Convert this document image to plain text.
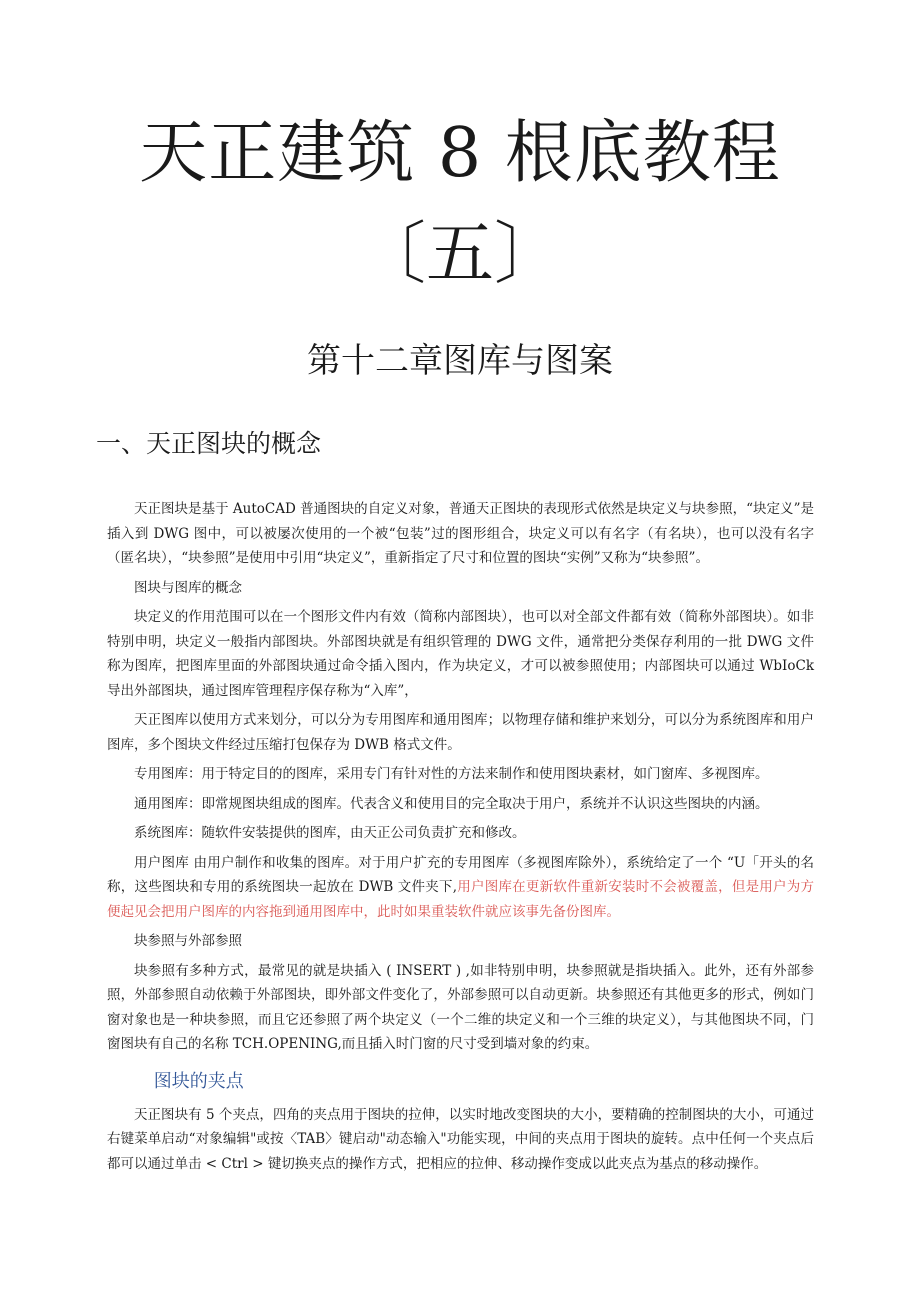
天正建筑 8 根底教程
〔五〕
第十二章图库与图案
一、天正图块的概念

天正图块是基于 AutoCAD 普通图块的自定义对象，普通天正图块的表现形式依然是块定义与块参照，“块定义”是插入到 DWG 图中，可以被屡次使用的一个被“包装”过的图形组合，块定义可以有名字（有名块），也可以没有名字（匿名块），“块参照”是使用中引用“块定义”，重新指定了尺寸和位置的图块“实例”又称为“块参照”。

图块与图库的概念

块定义的作用范围可以在一个图形文件内有效（简称内部图块），也可以对全部文件都有效（简称外部图块）。如非特别申明，块定义一般指内部图块。外部图块就是有组织管理的 DWG 文件，通常把分类保存利用的一批 DWG 文件称为图库，把图库里面的外部图块通过命令插入图内，作为块定义，才可以被参照使用；内部图块可以通过 WbIoCk 导出外部图块，通过图库管理程序保存称为“入库”，

天正图库以使用方式来划分，可以分为专用图库和通用图库；以物理存储和维护来划分，可以分为系统图库和用户图库，多个图块文件经过压缩打包保存为 DWB 格式文件。

专用图库：用于特定目的的图库，采用专门有针对性的方法来制作和使用图块素材，如门窗库、多视图库。

通用图库：即常规图块组成的图库。代表含义和使用目的完全取决于用户，系统并不认识这些图块的内涵。

系统图库：随软件安装提供的图库，由天正公司负责扩充和修改。

用户图库 由用户制作和收集的图库。对于用户扩充的专用图库（多视图库除外），系统给定了一个 “U「开头的名称，这些图块和专用的系统图块一起放在 DWB 文件夹下,用户图库在更新软件重新安装时不会被覆盖，但是用户为方便起见会把用户图库的内容拖到通用图库中，此时如果重装软件就应该事先备份图库。

块参照与外部参照

块参照有多种方式，最常见的就是块插入 ( INSERT ) ,如非特别申明，块参照就是指块插入。此外，还有外部参照，外部参照自动依赖于外部图块，即外部文件变化了，外部参照可以自动更新。块参照还有其他更多的形式，例如门窗对象也是一种块参照，而且它还参照了两个块定义（一个二维的块定义和一个三维的块定义），与其他图块不同，门窗图块有自己的名称 TCH.OPENING,而且插入时门窗的尺寸受到墙对象的约束。

图块的夹点

天正图块有 5 个夹点，四角的夹点用于图块的拉伸，以实时地改变图块的大小，要精确的控制图块的大小，可通过右键菜单启动“对象编辑"或按〈TAB〉键启动"动态输入"功能实现，中间的夹点用于图块的旋转。点中任何一个夹点后都可以通过单击 < Ctrl > 键切换夹点的操作方式，把相应的拉伸、移动操作变成以此夹点为基点的移动操作。
